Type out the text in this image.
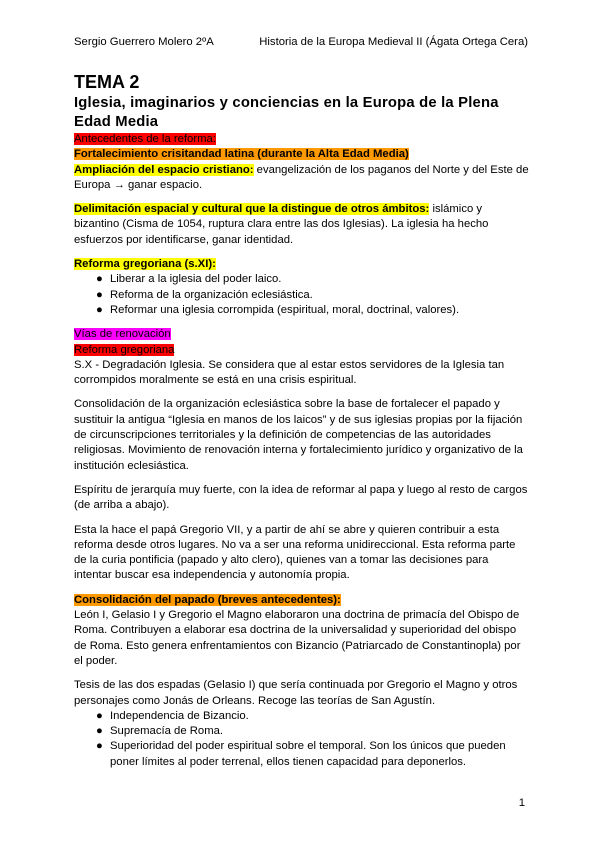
Sergio Guerrero Molero 2ºA	Historia de la Europa Medieval II (Ágata Ortega Cera)
TEMA 2
Iglesia, imaginarios y conciencias en la Europa de la Plena Edad Media

Antecedentes de la reforma:

Fortalecimiento crisitandad latina (durante la Alta Edad Media)

Ampliación del espacio cristiano: evangelización de los paganos del Norte y del Este de Europa → ganar espacio.

Delimitación espacial y cultural que la distingue de otros ámbitos: islámico y bizantino (Cisma de 1054, ruptura clara entre las dos Iglesias). La iglesia ha hecho esfuerzos por identificarse, ganar identidad.

Reforma gregoriana (s.XI):

● Liberar a la iglesia del poder laico.
● Reforma de la organización eclesiástica.
● Reformar una iglesia corrompida (espiritual, moral, doctrinal, valores).

Vías de renovación

Reforma gregoriana

S.X - Degradación Iglesia. Se considera que al estar estos servidores de la Iglesia tan corrompidos moralmente se está en una crisis espiritual.

Consolidación de la organización eclesiástica sobre la base de fortalecer el papado y sustituir la antigua “Iglesia en manos de los laicos” y de sus iglesias propias por la fijación de circunscripciones territoriales y la definición de competencias de las autoridades religiosas. Movimiento de renovación interna y fortalecimiento jurídico y organizativo de la institución eclesiástica.

Espíritu de jerarquía muy fuerte, con la idea de reformar al papa y luego al resto de cargos (de arriba a abajo).

Esta la hace el papá Gregorio VII, y a partir de ahí se abre y quieren contribuir a esta reforma desde otros lugares. No va a ser una reforma unidireccional. Esta reforma parte de la curia pontificia (papado y alto clero), quienes van a tomar las decisiones para intentar buscar esa independencia y autonomía propia.

Consolidación del papado (breves antecedentes):

León I, Gelasio I y Gregorio el Magno elaboraron una doctrina de primacía del Obispo de Roma. Contribuyen a elaborar esa doctrina de la universalidad y superioridad del obispo de Roma. Esto genera enfrentamientos con Bizancio (Patriarcado de Constantinopla) por el poder.

Tesis de las dos espadas (Gelasio I) que sería continuada por Gregorio el Magno y otros personajes como Jonás de Orleans. Recoge las teorías de San Agustín.

● Independencia de Bizancio.
● Supremacía de Roma.
● Superioridad del poder espiritual sobre el temporal. Son los únicos que pueden poner límites al poder terrenal, ellos tienen capacidad para deponerlos.
1
